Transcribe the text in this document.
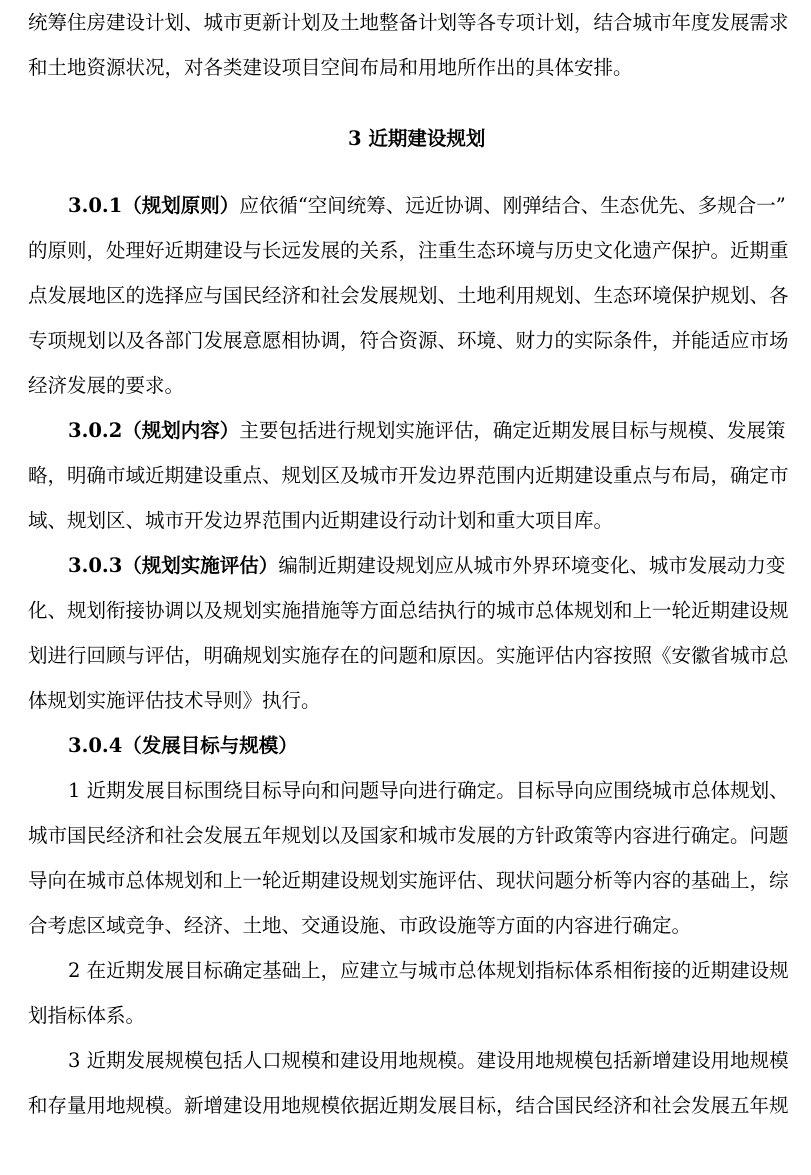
统筹住房建设计划、城市更新计划及土地整备计划等各专项计划，结合城市年度发展需求

和土地资源状况，对各类建设项目空间布局和用地所作出的具体安排。

3 近期建设规划

3.0.1（规划原则）应依循“空间统筹、远近协调、刚弹结合、生态优先、多规合一”

的原则，处理好近期建设与长远发展的关系，注重生态环境与历史文化遗产保护。近期重

点发展地区的选择应与国民经济和社会发展规划、土地利用规划、生态环境保护规划、各

专项规划以及各部门发展意愿相协调，符合资源、环境、财力的实际条件，并能适应市场

经济发展的要求。

3.0.2（规划内容）主要包括进行规划实施评估，确定近期发展目标与规模、发展策

略，明确市域近期建设重点、规划区及城市开发边界范围内近期建设重点与布局，确定市

域、规划区、城市开发边界范围内近期建设行动计划和重大项目库。

3.0.3（规划实施评估）编制近期建设规划应从城市外界环境变化、城市发展动力变

化、规划衔接协调以及规划实施措施等方面总结执行的城市总体规划和上一轮近期建设规

划进行回顾与评估，明确规划实施存在的问题和原因。实施评估内容按照《安徽省城市总

体规划实施评估技术导则》执行。

3.0.4（发展目标与规模）

1 近期发展目标围绕目标导向和问题导向进行确定。目标导向应围绕城市总体规划、

城市国民经济和社会发展五年规划以及国家和城市发展的方针政策等内容进行确定。问题

导向在城市总体规划和上一轮近期建设规划实施评估、现状问题分析等内容的基础上，综

合考虑区域竞争、经济、土地、交通设施、市政设施等方面的内容进行确定。

2 在近期发展目标确定基础上，应建立与城市总体规划指标体系相衔接的近期建设规

划指标体系。

3 近期发展规模包括人口规模和建设用地规模。建设用地规模包括新增建设用地规模

和存量用地规模。新增建设用地规模依据近期发展目标，结合国民经济和社会发展五年规
